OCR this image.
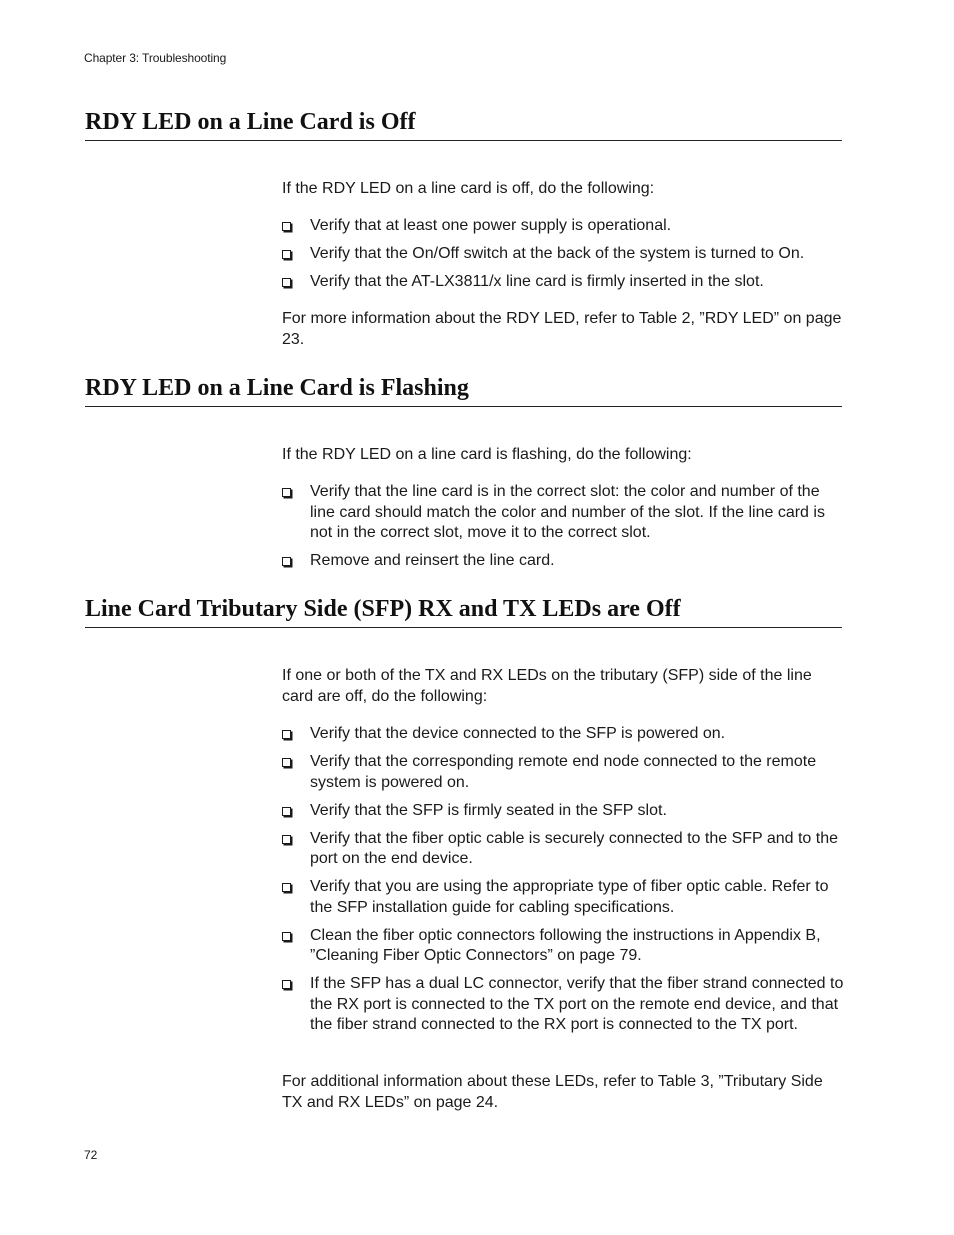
Chapter 3: Troubleshooting
RDY LED on a Line Card is Off

If the RDY LED on a line card is off, do the following:

Verify that at least one power supply is operational.
Verify that the On/Off switch at the back of the system is turned to On.
Verify that the AT-LX3811/x line card is firmly inserted in the slot.

For more information about the RDY LED, refer to Table 2, ”RDY LED” on page 23.

RDY LED on a Line Card is Flashing

If the RDY LED on a line card is flashing, do the following:

Verify that the line card is in the correct slot: the color and number of the line card should match the color and number of the slot. If the line card is not in the correct slot, move it to the correct slot.
Remove and reinsert the line card.
Line Card Tributary Side (SFP) RX and TX LEDs are Off

If one or both of the TX and RX LEDs on the tributary (SFP) side of the line card are off, do the following:

Verify that the device connected to the SFP is powered on.
Verify that the corresponding remote end node connected to the remote system is powered on.
Verify that the SFP is firmly seated in the SFP slot.
Verify that the fiber optic cable is securely connected to the SFP and to the port on the end device.
Verify that you are using the appropriate type of fiber optic cable. Refer to the SFP installation guide for cabling specifications.
Clean the fiber optic connectors following the instructions in Appendix B, ”Cleaning Fiber Optic Connectors” on page 79.
If the SFP has a dual LC connector, verify that the fiber strand connected to the RX port is connected to the TX port on the remote end device, and that the fiber strand connected to the RX port is connected to the TX port.

For additional information about these LEDs, refer to Table 3, ”Tributary Side TX and RX LEDs” on page 24.

72
